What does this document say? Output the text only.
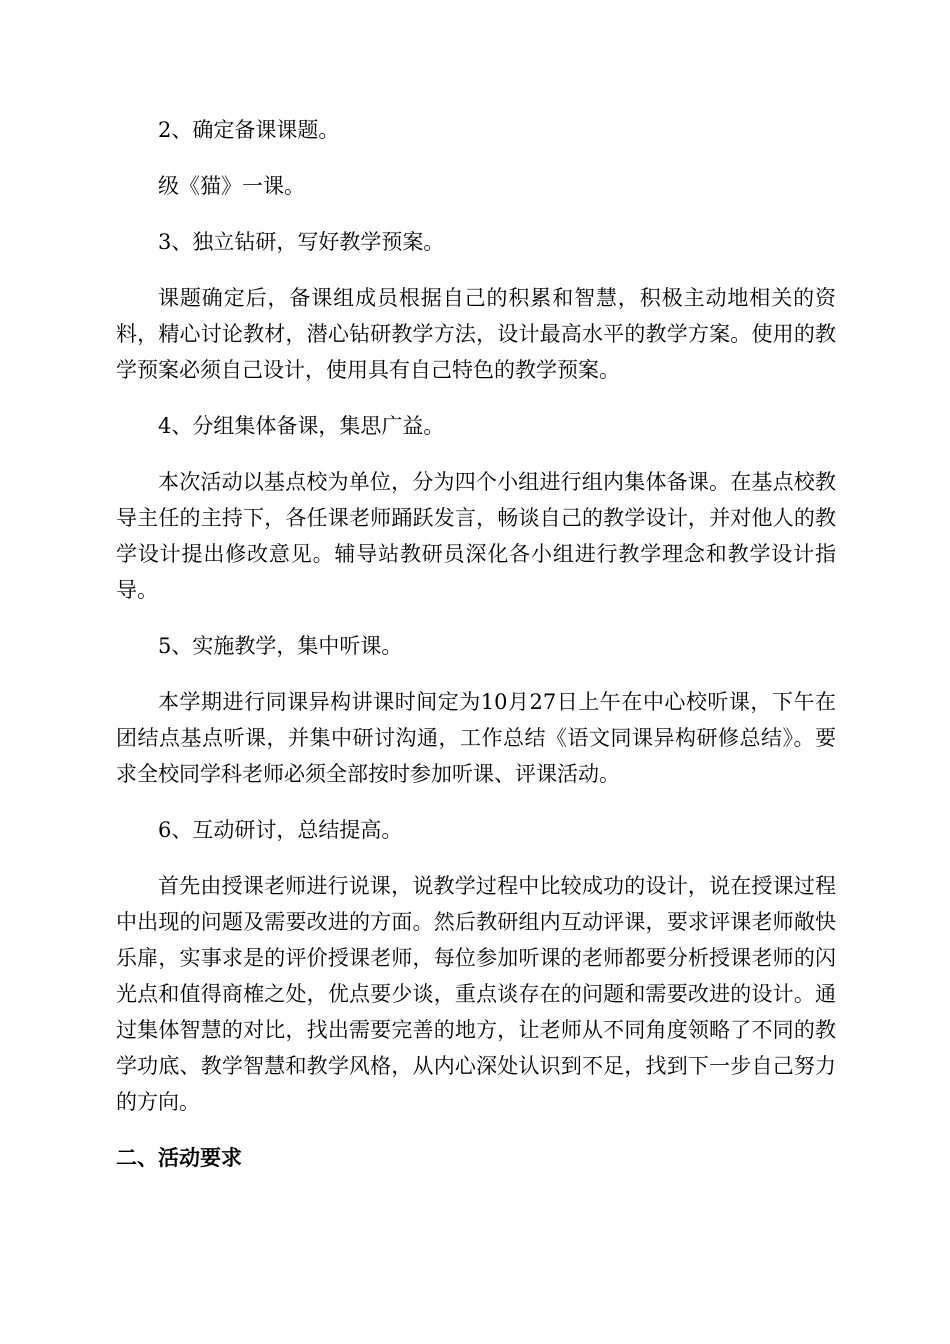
2、确定备课课题。

级《猫》一课。

3、独立钻研，写好教学预案。

课题确定后，备课组成员根据自己的积累和智慧，积极主动地相关的资料，精心讨论教材，潜心钻研教学方法，设计最高水平的教学方案。使用的教学预案必须自己设计，使用具有自己特色的教学预案。

4、分组集体备课，集思广益。

本次活动以基点校为单位，分为四个小组进行组内集体备课。在基点校教导主任的主持下，各任课老师踊跃发言，畅谈自己的教学设计，并对他人的教学设计提出修改意见。辅导站教研员深化各小组进行教学理念和教学设计指导。

5、实施教学，集中听课。

本学期进行同课异构讲课时间定为10月27日上午在中心校听课，下午在团结点基点听课，并集中研讨沟通，工作总结《语文同课异构研修总结》。要求全校同学科老师必须全部按时参加听课、评课活动。

6、互动研讨，总结提高。

首先由授课老师进行说课，说教学过程中比较成功的设计，说在授课过程中出现的问题及需要改进的方面。然后教研组内互动评课，要求评课老师敞快乐扉，实事求是的评价授课老师，每位参加听课的老师都要分析授课老师的闪光点和值得商榷之处，优点要少谈，重点谈存在的问题和需要改进的设计。通过集体智慧的对比，找出需要完善的地方，让老师从不同角度领略了不同的教学功底、教学智慧和教学风格，从内心深处认识到不足，找到下一步自己努力的方向。

二、活动要求
